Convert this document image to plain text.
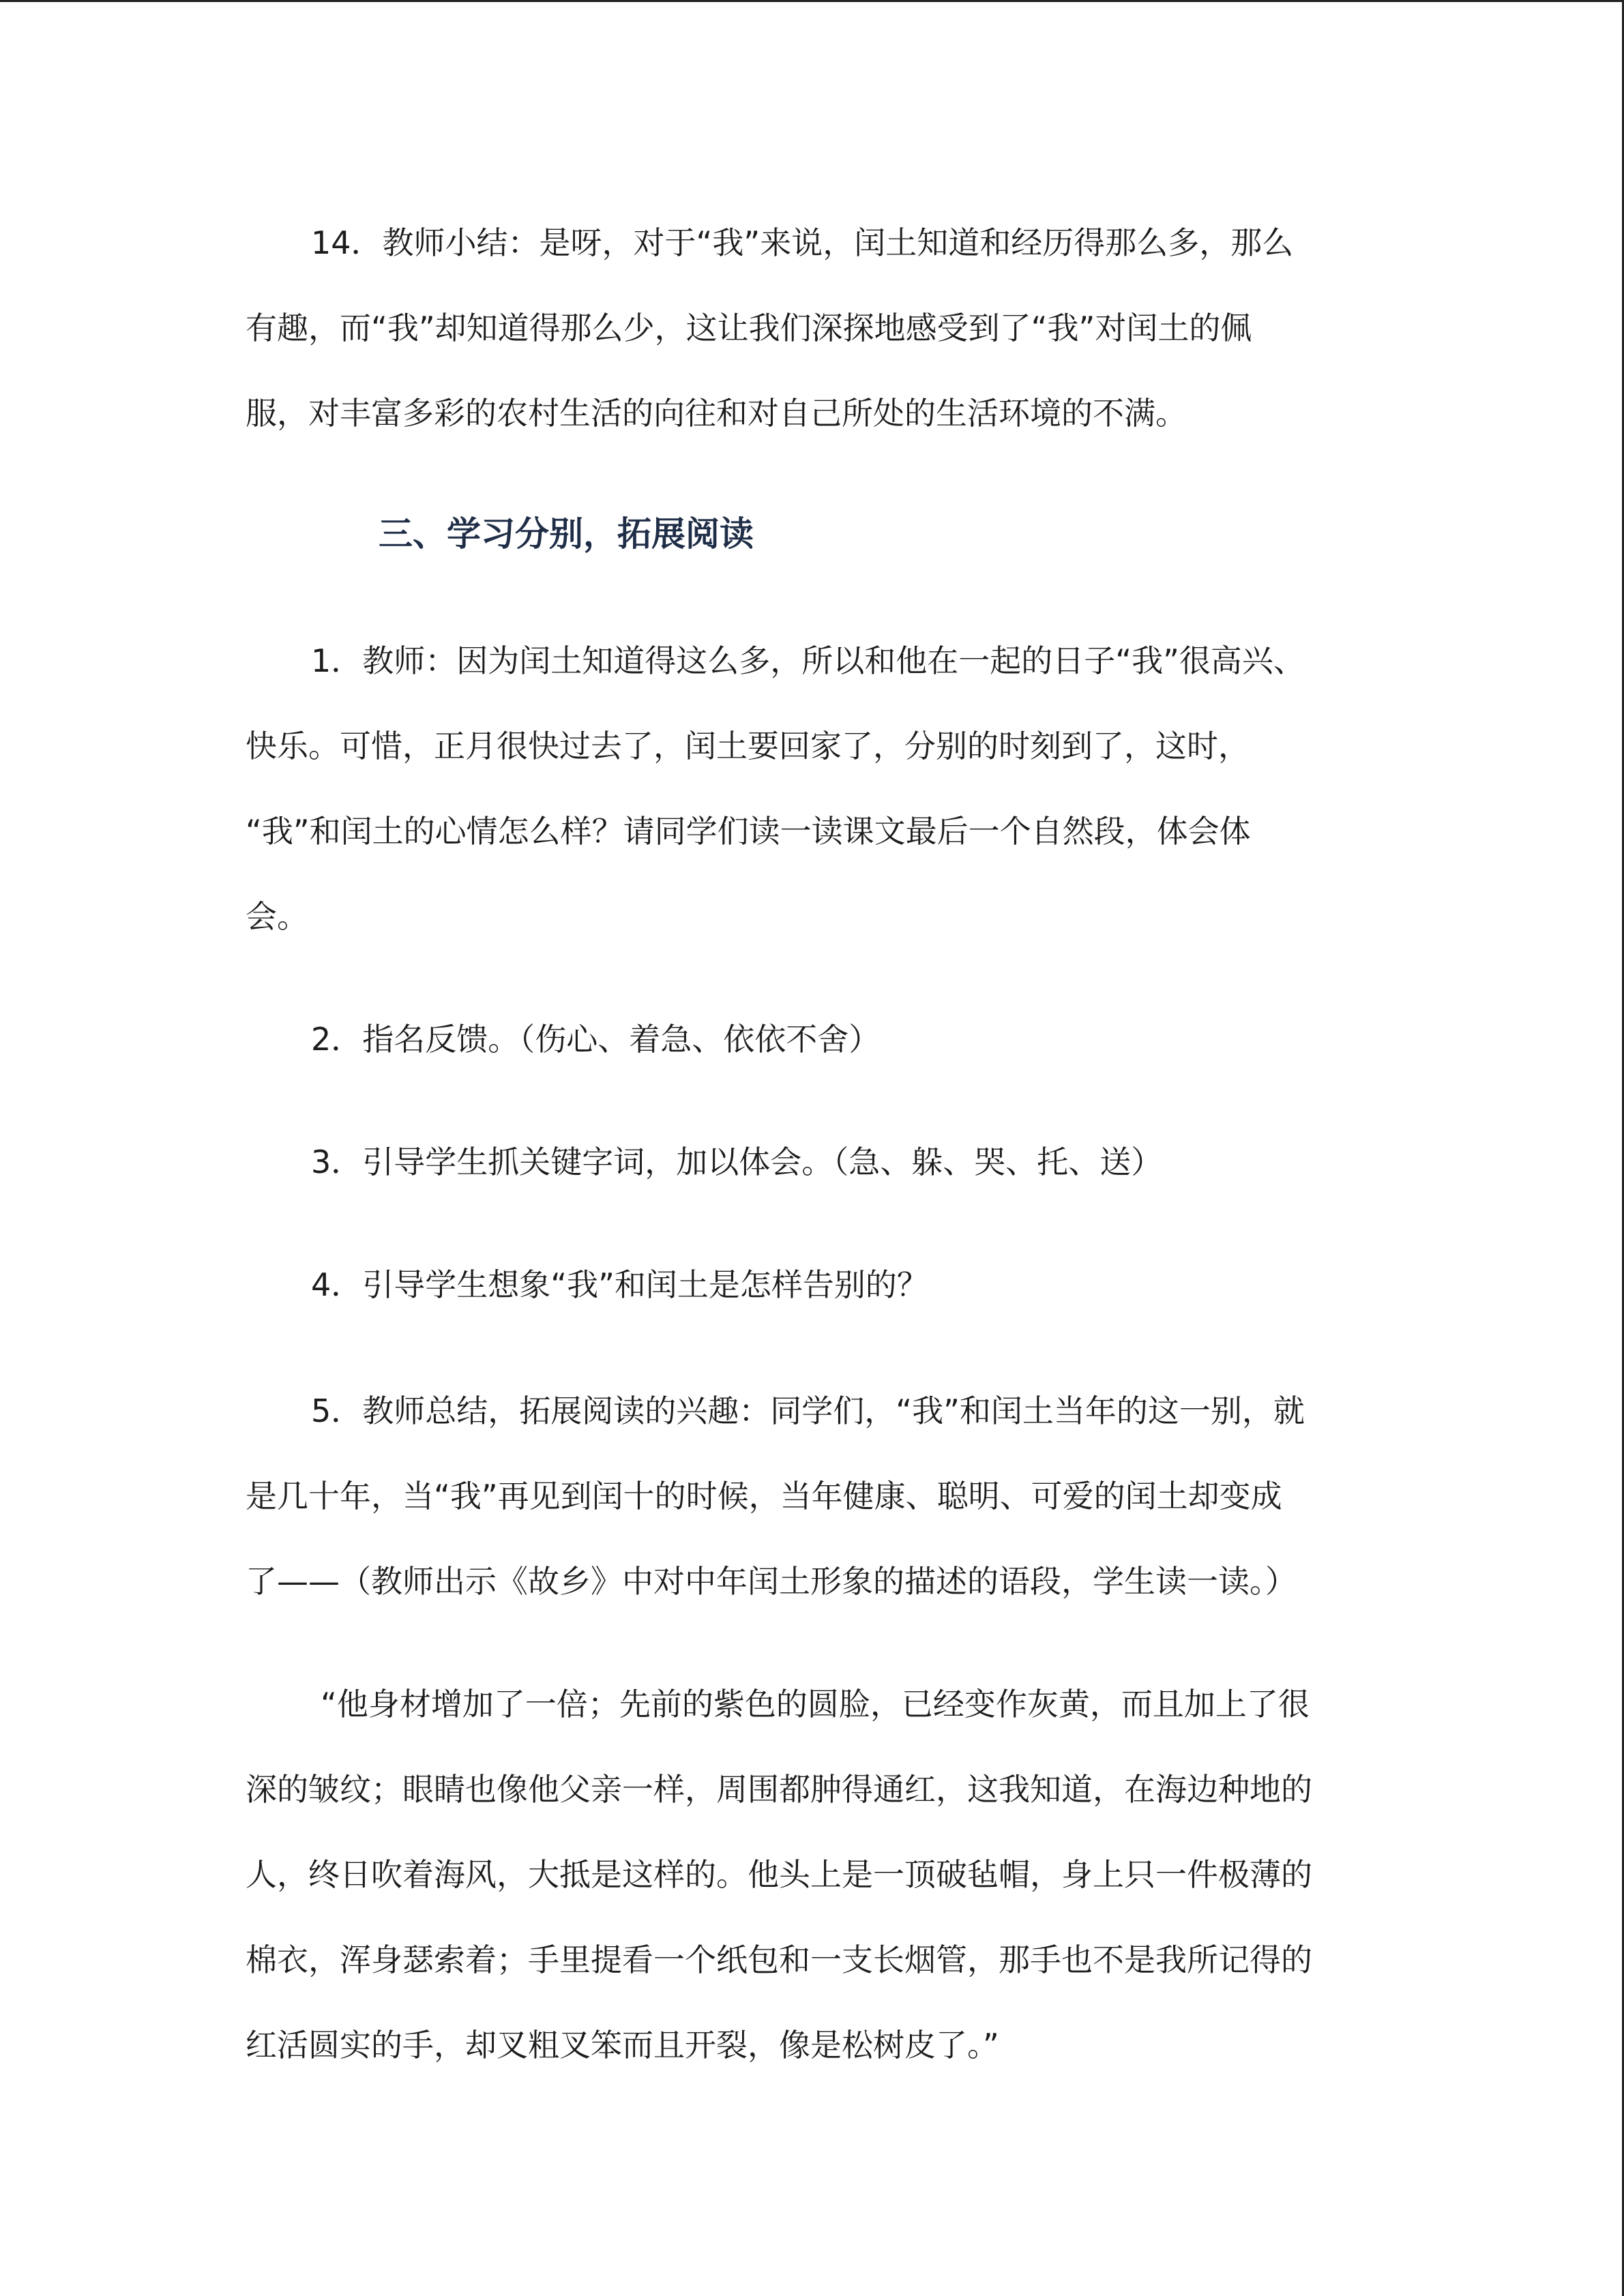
14．教师小结：是呀，对于“我”来说，闰土知道和经历得那么多，那么
有趣，而“我”却知道得那么少，这让我们深探地感受到了“我”对闰土的佩
服，对丰富多彩的农村生活的向往和对自己所处的生活环境的不满。
三、学习分别，拓展阅读
1．教师：因为闰土知道得这么多，所以和他在一起的日子“我”很高兴、
快乐。可惜，正月很快过去了，闰土要回家了，分别的时刻到了，这时，
“我”和闰土的心情怎么样？请同学们读一读课文最后一个自然段，体会体
会。
2．指名反馈。（伤心、着急、依依不舍）
3．引导学生抓关键字词，加以体会。（急、躲、哭、托、送）
4．引导学生想象“我”和闰土是怎样告别的？
5．教师总结，拓展阅读的兴趣：同学们，“我”和闰土当年的这一别，就
是几十年，当“我”再见到闰十的时候，当年健康、聪明、可爱的闰土却变成
了——（教师出示《故乡》中对中年闰土形象的描述的语段，学生读一读。）
“他身材增加了一倍；先前的紫色的圆脸，已经变作灰黄，而且加上了很
深的皱纹；眼睛也像他父亲一样，周围都肿得通红，这我知道，在海边种地的
人，终日吹着海风，大抵是这样的。他头上是一顶破毡帽，身上只一件极薄的
棉衣，浑身瑟索着；手里提看一个纸包和一支长烟管，那手也不是我所记得的
红活圆实的手，却叉粗叉笨而且开裂，像是松树皮了。”
